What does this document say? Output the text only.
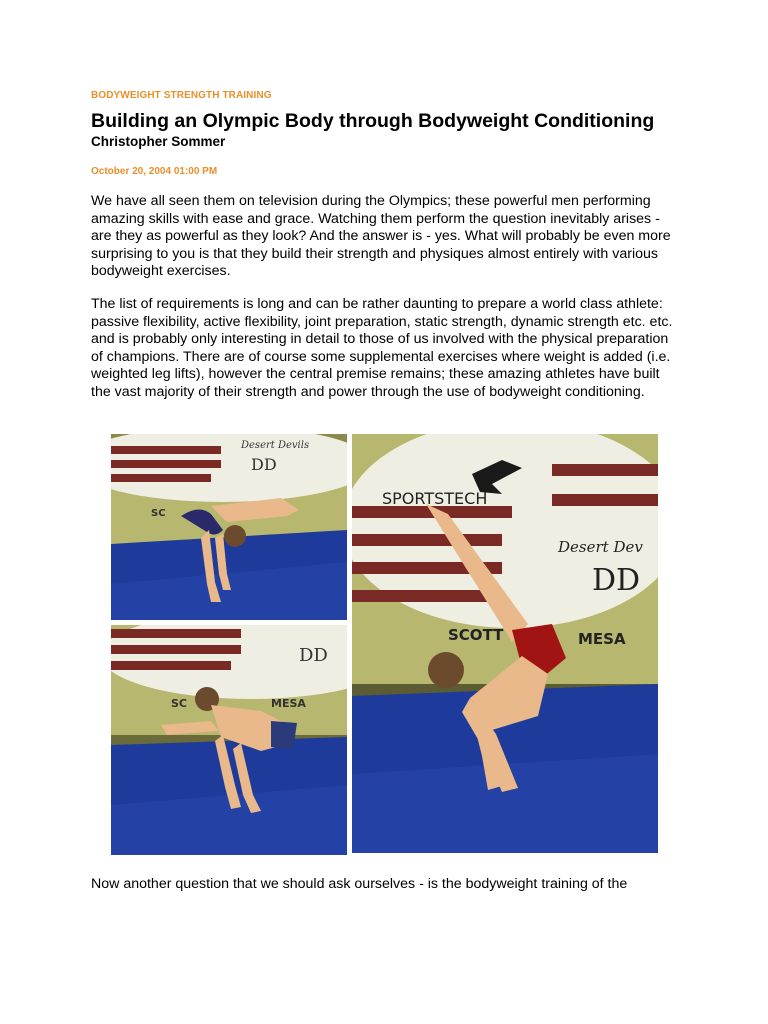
BODYWEIGHT STRENGTH TRAINING
Building an Olympic Body through Bodyweight Conditioning
Christopher Sommer
October 20, 2004 01:00 PM

We have all seen them on television during the Olympics; these powerful men performing amazing skills with ease and grace. Watching them perform the question inevitably arises - are they as powerful as they look? And the answer is - yes. What will probably be even more surprising to you is that they build their strength and physiques almost entirely with various bodyweight exercises.

The list of requirements is long and can be rather daunting to prepare a world class athlete: passive flexibility, active flexibility, joint preparation, static strength, dynamic strength etc. etc. and is probably only interesting in detail to those of us involved with the physical preparation of champions. There are of course some supplemental exercises where weight is added (i.e. weighted leg lifts), however the central premise remains; these amazing athletes have built the vast majority of their strength and power through the use of bodyweight conditioning.

Now another question that we should ask ourselves - is the bodyweight training of the

Desert Devils
DD
SC
DD
SC	MESA
SPORTSTECH
Desert Dev
DD
SCOTT	MESA
